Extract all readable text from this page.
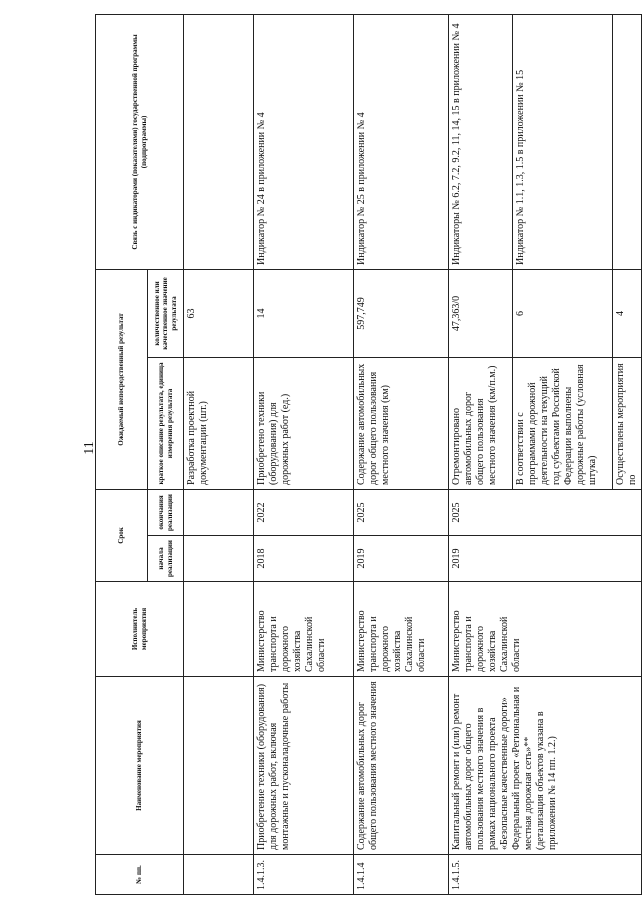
11
№ пп.	Наименование мероприятия	Исполнитель мероприятия	Срок		Ожидаемый непосредственный результат		Связь с индикаторами (показателями) государственной программы (подпрограммы)
			начала реализации	окончания реализации	краткое описание результата, единица измерения результата	количественное или качественное значение результата	
					Разработка проектной документации (шт.)	63	
1.4.1.3.	Приобретение техники (оборудования) для дорожных работ, включая монтажные и пусконаладочные работы	Министерство транспорта и дорожного хозяйства Сахалинской области	2018	2022	Приобретено техники (оборудования) для дорожных работ (ед.)	14	Индикатор № 24 в приложении № 4
1.4.1.4	Содержание автомобильных дорог общего пользования местного значения	Министерство транспорта и дорожного хозяйства Сахалинской области	2019	2025	Содержание автомобильных дорог общего пользования местного значения (км)	597,749	Индикатор № 25 в приложении № 4
1.4.1.5.	Капитальный ремонт и (или) ремонт автомобильных дорог общего пользования местного значения в рамках национального проекта «Безопасные качественные дороги» Федеральный проект «Региональная и местная дорожная сеть»** (детализация объектов указана в приложении № 14 пп. 1.2.)	Министерство транспорта и дорожного хозяйства Сахалинской области	2019	2025	Отремонтировано автомобильных дорог общего пользования местного значения (км/п.м.)	47,363/0	Индикаторы № 6.2, 7.2, 9.2, 11, 14, 15 в приложении № 4
					В соответствии с программами дорожной деятельности на текущий год субъектами Российской Федерации выполнены дорожные работы (условная штука)	6	Индикатор № 1.1, 1.3, 1.5 в приложении № 15
					Осуществлены мероприятия по	4	
